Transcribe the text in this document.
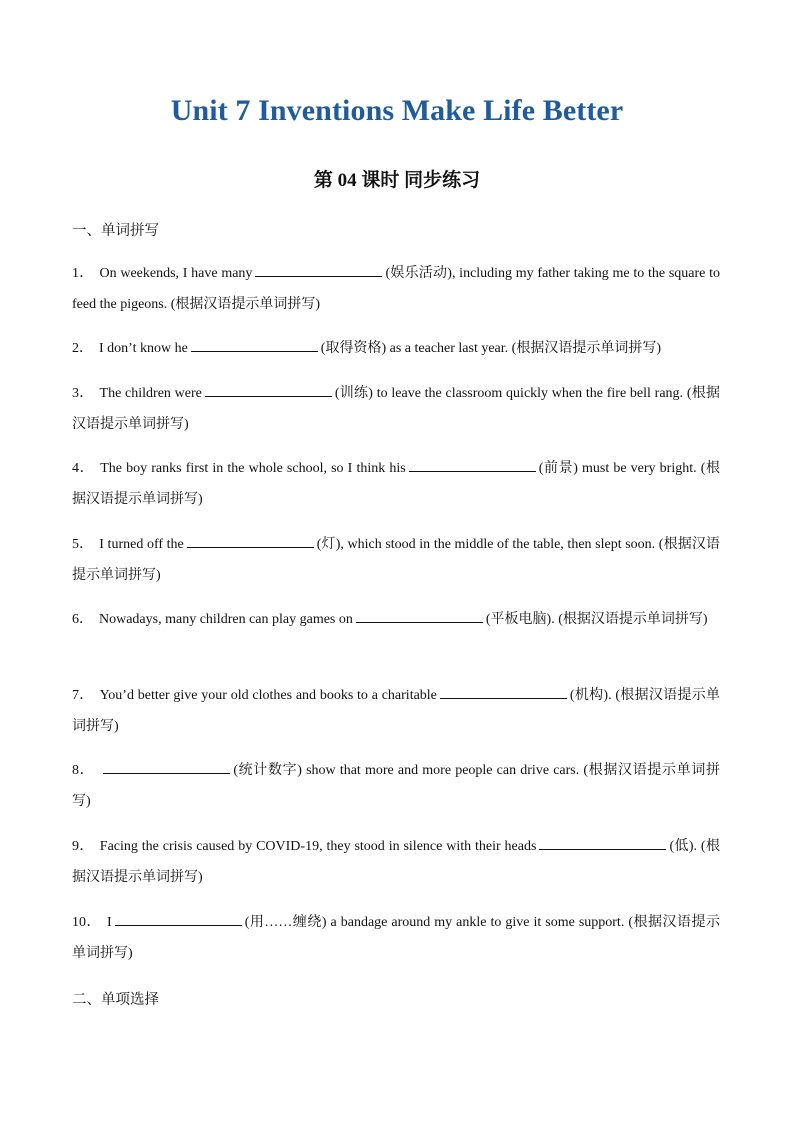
Unit 7 Inventions Make Life Better
第 04 课时 同步练习
一、单词拼写
1． On weekends, I have many	(娱乐活动), including my father taking me to the square to feed the pigeons. (根据汉语提示单词拼写)
2． I don’t know he	(取得资格) as a teacher last year. (根据汉语提示单词拼写)
3． The children were	(训练) to leave the classroom quickly when the fire bell rang. (根据汉语提示单词拼写)
4． The boy ranks first in the whole school, so I think his	(前景) must be very bright. (根据汉语提示单词拼写)
5． I turned off the	(灯), which stood in the middle of the table, then slept soon. (根据汉语提示单词拼写)
6． Nowadays, many children can play games on	(平板电脑). (根据汉语提示单词拼写)
7． You’d better give your old clothes and books to a charitable	(机构). (根据汉语提示单词拼写)
8．	(统计数字) show that more and more people can drive cars. (根据汉语提示单词拼写)
9． Facing the crisis caused by COVID-19, they stood in silence with their heads	(低). (根据汉语提示单词拼写)
10． I	(用……缠绕) a bandage around my ankle to give it some support. (根据汉语提示单词拼写)
二、单项选择
